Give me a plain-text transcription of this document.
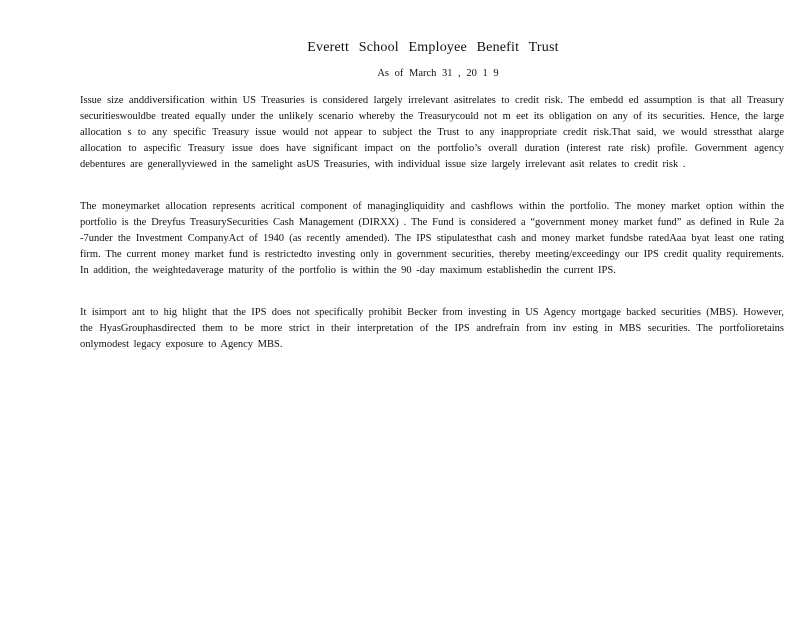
Everett School Employee Benefit Trust
As of March 31 , 20 1 9
Issue size anddiversification within US Treasuries is considered largely irrelevant asitrelates to credit risk. The embedd ed assumption is that all Treasury securitieswouldbe treated equally under the unlikely scenario whereby the Treasurycould not m eet its obligation on any of its securities. Hence, the large allocation s to any specific Treasury issue would not appear to subject the Trust to any inappropriate credit risk.That said, we would stressthat alarge allocation to aspecific Treasury issue does have significant impact on the portfolio’s overall duration (interest rate risk) profile. Government agency debentures are generallyviewed in the samelight asUS Treasuries, with individual issue size largely irrelevant asit relates to credit risk .
The moneymarket allocation represents acritical component of managingliquidity and cashflows within the portfolio. The money market option within the portfolio is the Dreyfus TreasurySecurities Cash Management (DIRXX) . The Fund is considered a “government money market fund” as defined in Rule 2a -7under the Investment CompanyAct of 1940 (as recently amended). The IPS stipulatesthat cash and money market fundsbe ratedAaa byat least one rating firm. The current money market fund is restrictedto investing only in government securities, thereby meeting/exceedingy our IPS credit quality requirements. In addition, the weightedaverage maturity of the portfolio is within the 90 -day maximum establishedin the current IPS.
It isimport ant to hig hlight that the IPS does not specifically prohibit Becker from investing in US Agency mortgage backed securities (MBS). However, the HyasGrouphasdirected them to be more strict in their interpretation of the IPS andrefrain from inv esting in MBS securities. The portfolioretains onlymodest legacy exposure to Agency MBS.
